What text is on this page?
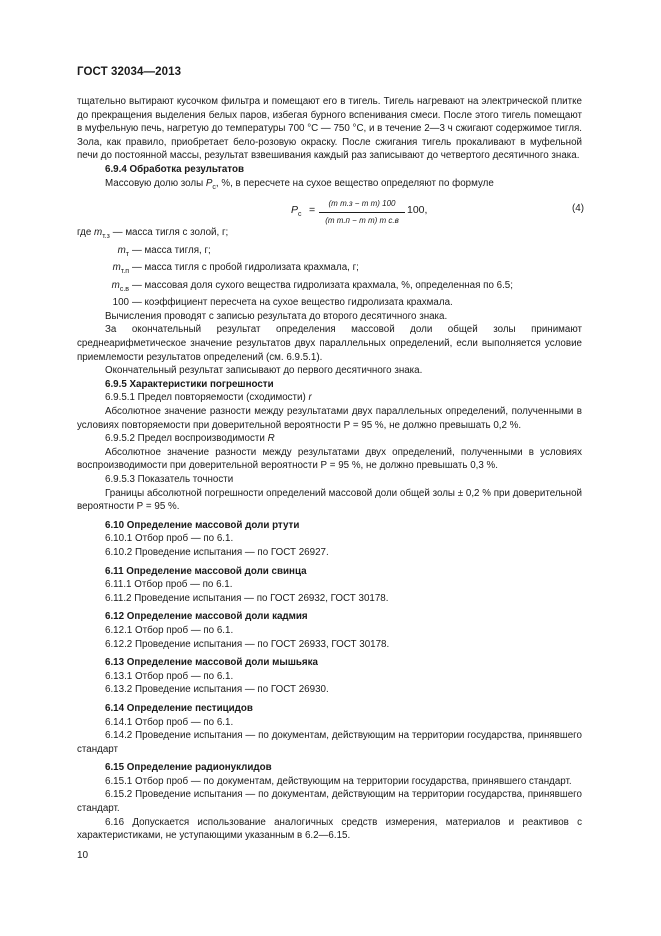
ГОСТ 32034—2013

тщательно вытирают кусочком фильтра и помещают его в тигель. Тигель нагревают на электрической плитке до прекращения выделения белых паров, избегая бурного вспенивания смеси. После этого тигель помещают в муфельную печь, нагретую до температуры 700 °С — 750 °С, и в течение 2—3 ч сжигают содержимое тигля. Зола, как правило, приобретает бело-розовую окраску. После сжигания тигель прокаливают в муфельной печи до постоянной массы, результат взвешивания каждый раз записывают до четвертого десятичного знака.

6.9.4 Обработка результатов

Массовую долю золы $P_c$, %, в пересчете на сухое вещество определяют по формуле

$P_c$ =
(m т.з − m т) 100
(m т.п − m т) m с.в
100,	(4)
где $m_{т.з}$ — масса тигля с золой, г;
$m_т$ — масса тигля, г;
$m_{т.п}$ — масса тигля с пробой гидролизата крахмала, г;
$m_{с.в}$ — массовая доля сухого вещества гидролизата крахмала, %, определенная по 6.5;
100 — коэффициент пересчета на сухое вещество гидролизата крахмала.

Вычисления проводят с записью результата до второго десятичного знака.

За окончательный результат определения массовой доли общей золы принимают среднеарифметическое значение результатов двух параллельных определений, если выполняется условие приемлемости результатов определений (см. 6.9.5.1).

Окончательный результат записывают до первого десятичного знака.

6.9.5 Характеристики погрешности

6.9.5.1 Предел повторяемости (сходимости) r

Абсолютное значение разности между результатами двух параллельных определений, полученными в условиях повторяемости при доверительной вероятности Р = 95 %, не должно превышать 0,2 %.

6.9.5.2 Предел воспроизводимости R

Абсолютное значение разности между результатами двух определений, полученными в условиях воспроизводимости при доверительной вероятности Р = 95 %, не должно превышать 0,3 %.

6.9.5.3 Показатель точности

Границы абсолютной погрешности определений массовой доли общей золы ± 0,2 % при доверительной вероятности Р = 95 %.

6.10 Определение массовой доли ртути

6.10.1 Отбор проб — по 6.1.

6.10.2 Проведение испытания — по ГОСТ 26927.

6.11 Определение массовой доли свинца

6.11.1 Отбор проб — по 6.1.

6.11.2 Проведение испытания — по ГОСТ 26932, ГОСТ 30178.

6.12 Определение массовой доли кадмия

6.12.1 Отбор проб — по 6.1.

6.12.2 Проведение испытания — по ГОСТ 26933, ГОСТ 30178.

6.13 Определение массовой доли мышьяка

6.13.1 Отбор проб — по 6.1.

6.13.2 Проведение испытания — по ГОСТ 26930.

6.14 Определение пестицидов

6.14.1 Отбор проб — по 6.1.

6.14.2 Проведение испытания — по документам, действующим на территории государства, принявшего стандарт

6.15 Определение радионуклидов

6.15.1 Отбор проб — по документам, действующим на территории государства, принявшего стандарт.

6.15.2 Проведение испытания — по документам, действующим на территории государства, принявшего стандарт.

6.16 Допускается использование аналогичных средств измерения, материалов и реактивов с характеристиками, не уступающими указанным в 6.2—6.15.

10
